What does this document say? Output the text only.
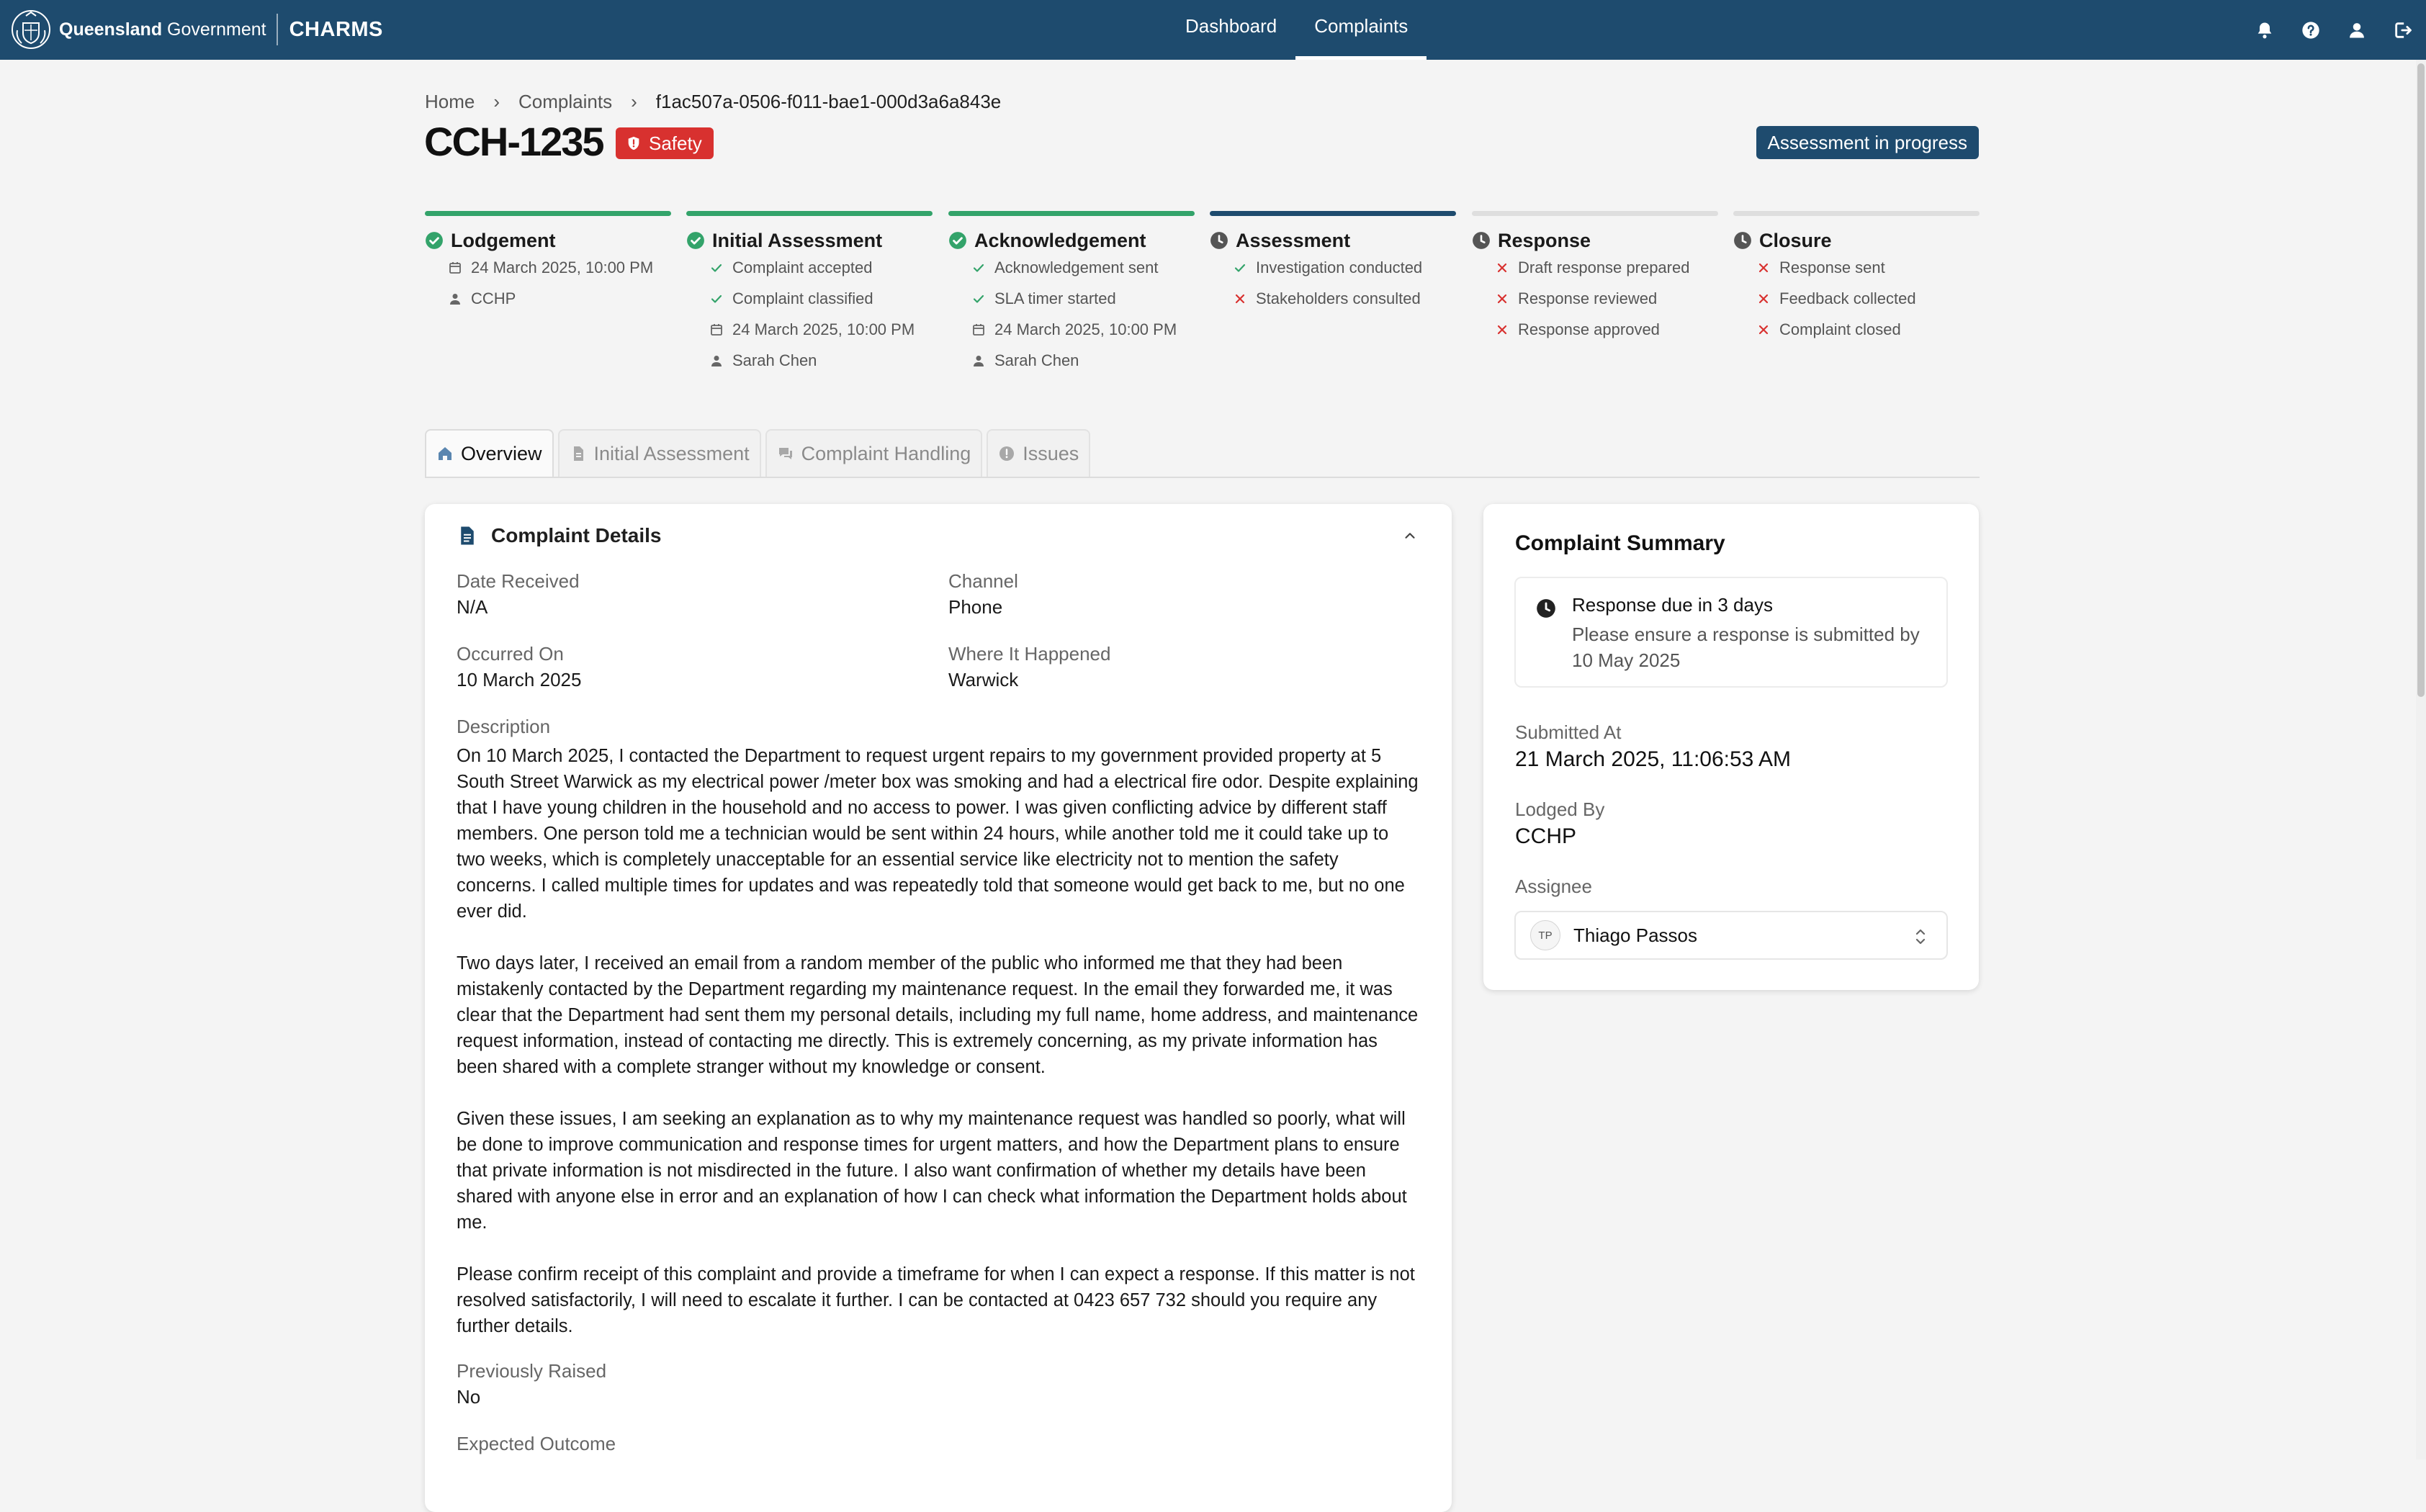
Queensland Government CHARMS	Dashboard	Complaints
Home › Complaints › f1ac507a-0506-f011-bae1-000d3a6a843e
CCH-1235 Safety	Assessment in progress
Lodgement
24 March 2025, 10:00 PM
CCHP
Initial Assessment
Complaint accepted
Complaint classified
24 March 2025, 10:00 PM
Sarah Chen
Acknowledgement
Acknowledgement sent
SLA timer started
24 March 2025, 10:00 PM
Sarah Chen
Assessment
Investigation conducted
Stakeholders consulted
Response
Draft response prepared
Response reviewed
Response approved
Closure
Response sent
Feedback collected
Complaint closed
Overview	Initial Assessment	Complaint Handling	Issues
Complaint Details
Date Received
N/A
Channel
Phone
Occurred On
10 March 2025
Where It Happened
Warwick
Description

On 10 March 2025, I contacted the Department to request urgent repairs to my government provided property at 5 South Street Warwick as my electrical power /meter box was smoking and had a electrical fire odor. Despite explaining that I have young children in the household and no access to power. I was given conflicting advice by different staff members. One person told me a technician would be sent within 24 hours, while another told me it could take up to two weeks, which is completely unacceptable for an essential service like electricity not to mention the safety concerns. I called multiple times for updates and was repeatedly told that someone would get back to me, but no one ever did.

Two days later, I received an email from a random member of the public who informed me that they had been mistakenly contacted by the Department regarding my maintenance request. In the email they forwarded me, it was clear that the Department had sent them my personal details, including my full name, home address, and maintenance request information, instead of contacting me directly. This is extremely concerning, as my private information has been shared with a complete stranger without my knowledge or consent.

Given these issues, I am seeking an explanation as to why my maintenance request was handled so poorly, what will be done to improve communication and response times for urgent matters, and how the Department plans to ensure that private information is not misdirected in the future. I also want confirmation of whether my details have been shared with anyone else in error and an explanation of how I can check what information the Department holds about me.

Please confirm receipt of this complaint and provide a timeframe for when I can expect a response. If this matter is not resolved satisfactorily, I will need to escalate it further. I can be contacted at 0423 657 732 should you require any further details.

Previously Raised
No
Expected Outcome
Complaint Summary
Response due in 3 days
Please ensure a response is submitted by 10 May 2025
Submitted At
21 March 2025, 11:06:53 AM
Lodged By
CCHP
Assignee
TP	Thiago Passos
